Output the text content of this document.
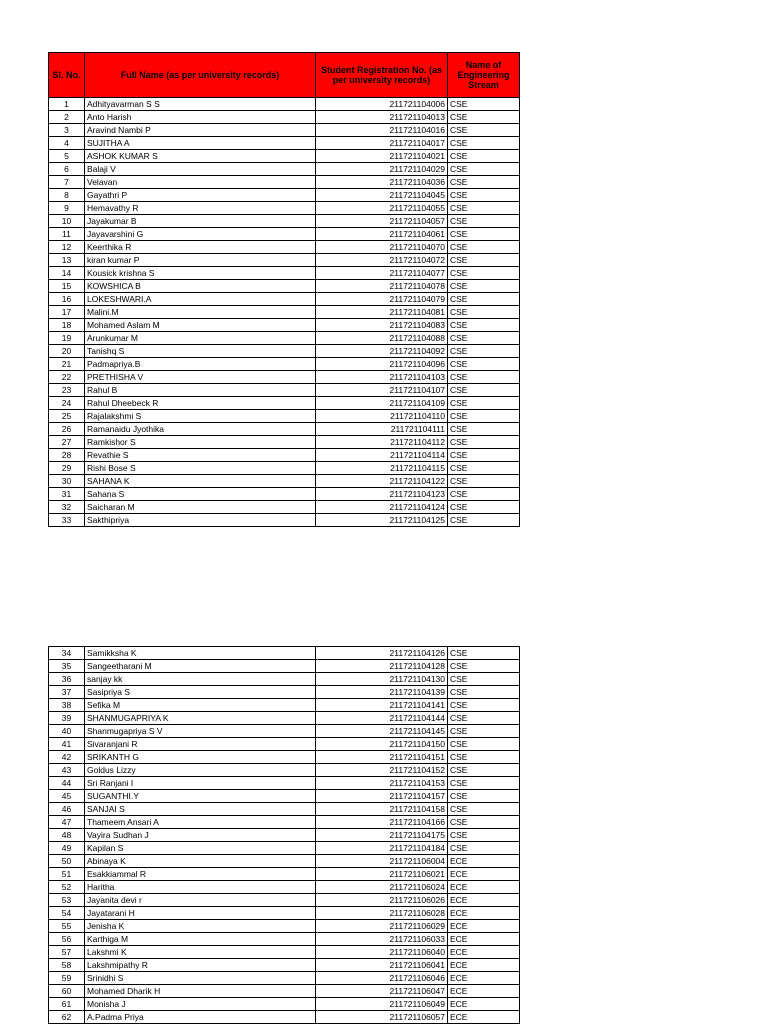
Sl. No.	Full Name (as per university records)	Student Registration No. (as per university records)	Name of Engineering Stream
1	Adhityavarman S S	211721104006	CSE
2	Anto Harish	211721104013	CSE
3	Aravind Nambi P	211721104016	CSE
4	SUJITHA A	211721104017	CSE
5	ASHOK KUMAR S	211721104021	CSE
6	Balaji V	211721104029	CSE
7	Velavan	211721104036	CSE
8	Gayathri P	211721104045	CSE
9	Hemavathy R	211721104055	CSE
10	Jayakumar B	211721104057	CSE
11	Jayavarshini G	211721104061	CSE
12	Keerthika R	211721104070	CSE
13	kiran kumar P	211721104072	CSE
14	Kousick krishna S	211721104077	CSE
15	KOWSHICA B	211721104078	CSE
16	LOKESHWARI.A	211721104079	CSE
17	Malini.M	211721104081	CSE
18	Mohamed Aslam M	211721104083	CSE
19	Arunkumar M	211721104088	CSE
20	Tanishq S	211721104092	CSE
21	Padmapriya.B	211721104096	CSE
22	PRETHISHA V	211721104103	CSE
23	Rahul B	211721104107	CSE
24	Rahul Dheebeck R	211721104109	CSE
25	Rajalakshmi S	211721104110	CSE
26	Ramanaidu Jyothika	211721104111	CSE
27	Ramkishor S	211721104112	CSE
28	Revathie S	211721104114	CSE
29	Rishi Bose S	211721104115	CSE
30	SAHANA K	211721104122	CSE
31	Sahana S	211721104123	CSE
32	Saicharan M	211721104124	CSE
33	Sakthipriya	211721104125	CSE
34	Samikksha K	211721104126	CSE
35	Sangeetharani M	211721104128	CSE
36	sanjay kk	211721104130	CSE
37	Sasipriya S	211721104139	CSE
38	Sefika M	211721104141	CSE
39	SHANMUGAPRIYA K	211721104144	CSE
40	Shanmugapriya S V	211721104145	CSE
41	Sivaranjani R	211721104150	CSE
42	SRIKANTH G	211721104151	CSE
43	Goldus Lizzy	211721104152	CSE
44	Sri Ranjani I	211721104153	CSE
45	SUGANTHI.Y	211721104157	CSE
46	SANJAI S	211721104158	CSE
47	Thameem Ansari A	211721104166	CSE
48	Vayira Sudhan J	211721104175	CSE
49	Kapilan S	211721104184	CSE
50	Abinaya K	211721106004	ECE
51	Esakkiammal R	211721106021	ECE
52	Haritha	211721106024	ECE
53	Jayanita devi r	211721106026	ECE
54	Jayatarani H	211721106028	ECE
55	Jenisha K	211721106029	ECE
56	Karthiga M	211721106033	ECE
57	Lakshmi K	211721106040	ECE
58	Lakshmipathy R	211721106041	ECE
59	Srinidhi S	211721106046	ECE
60	Mohamed Dharik H	211721106047	ECE
61	Monisha J	211721106049	ECE
62	A.Padma Priya	211721106057	ECE
